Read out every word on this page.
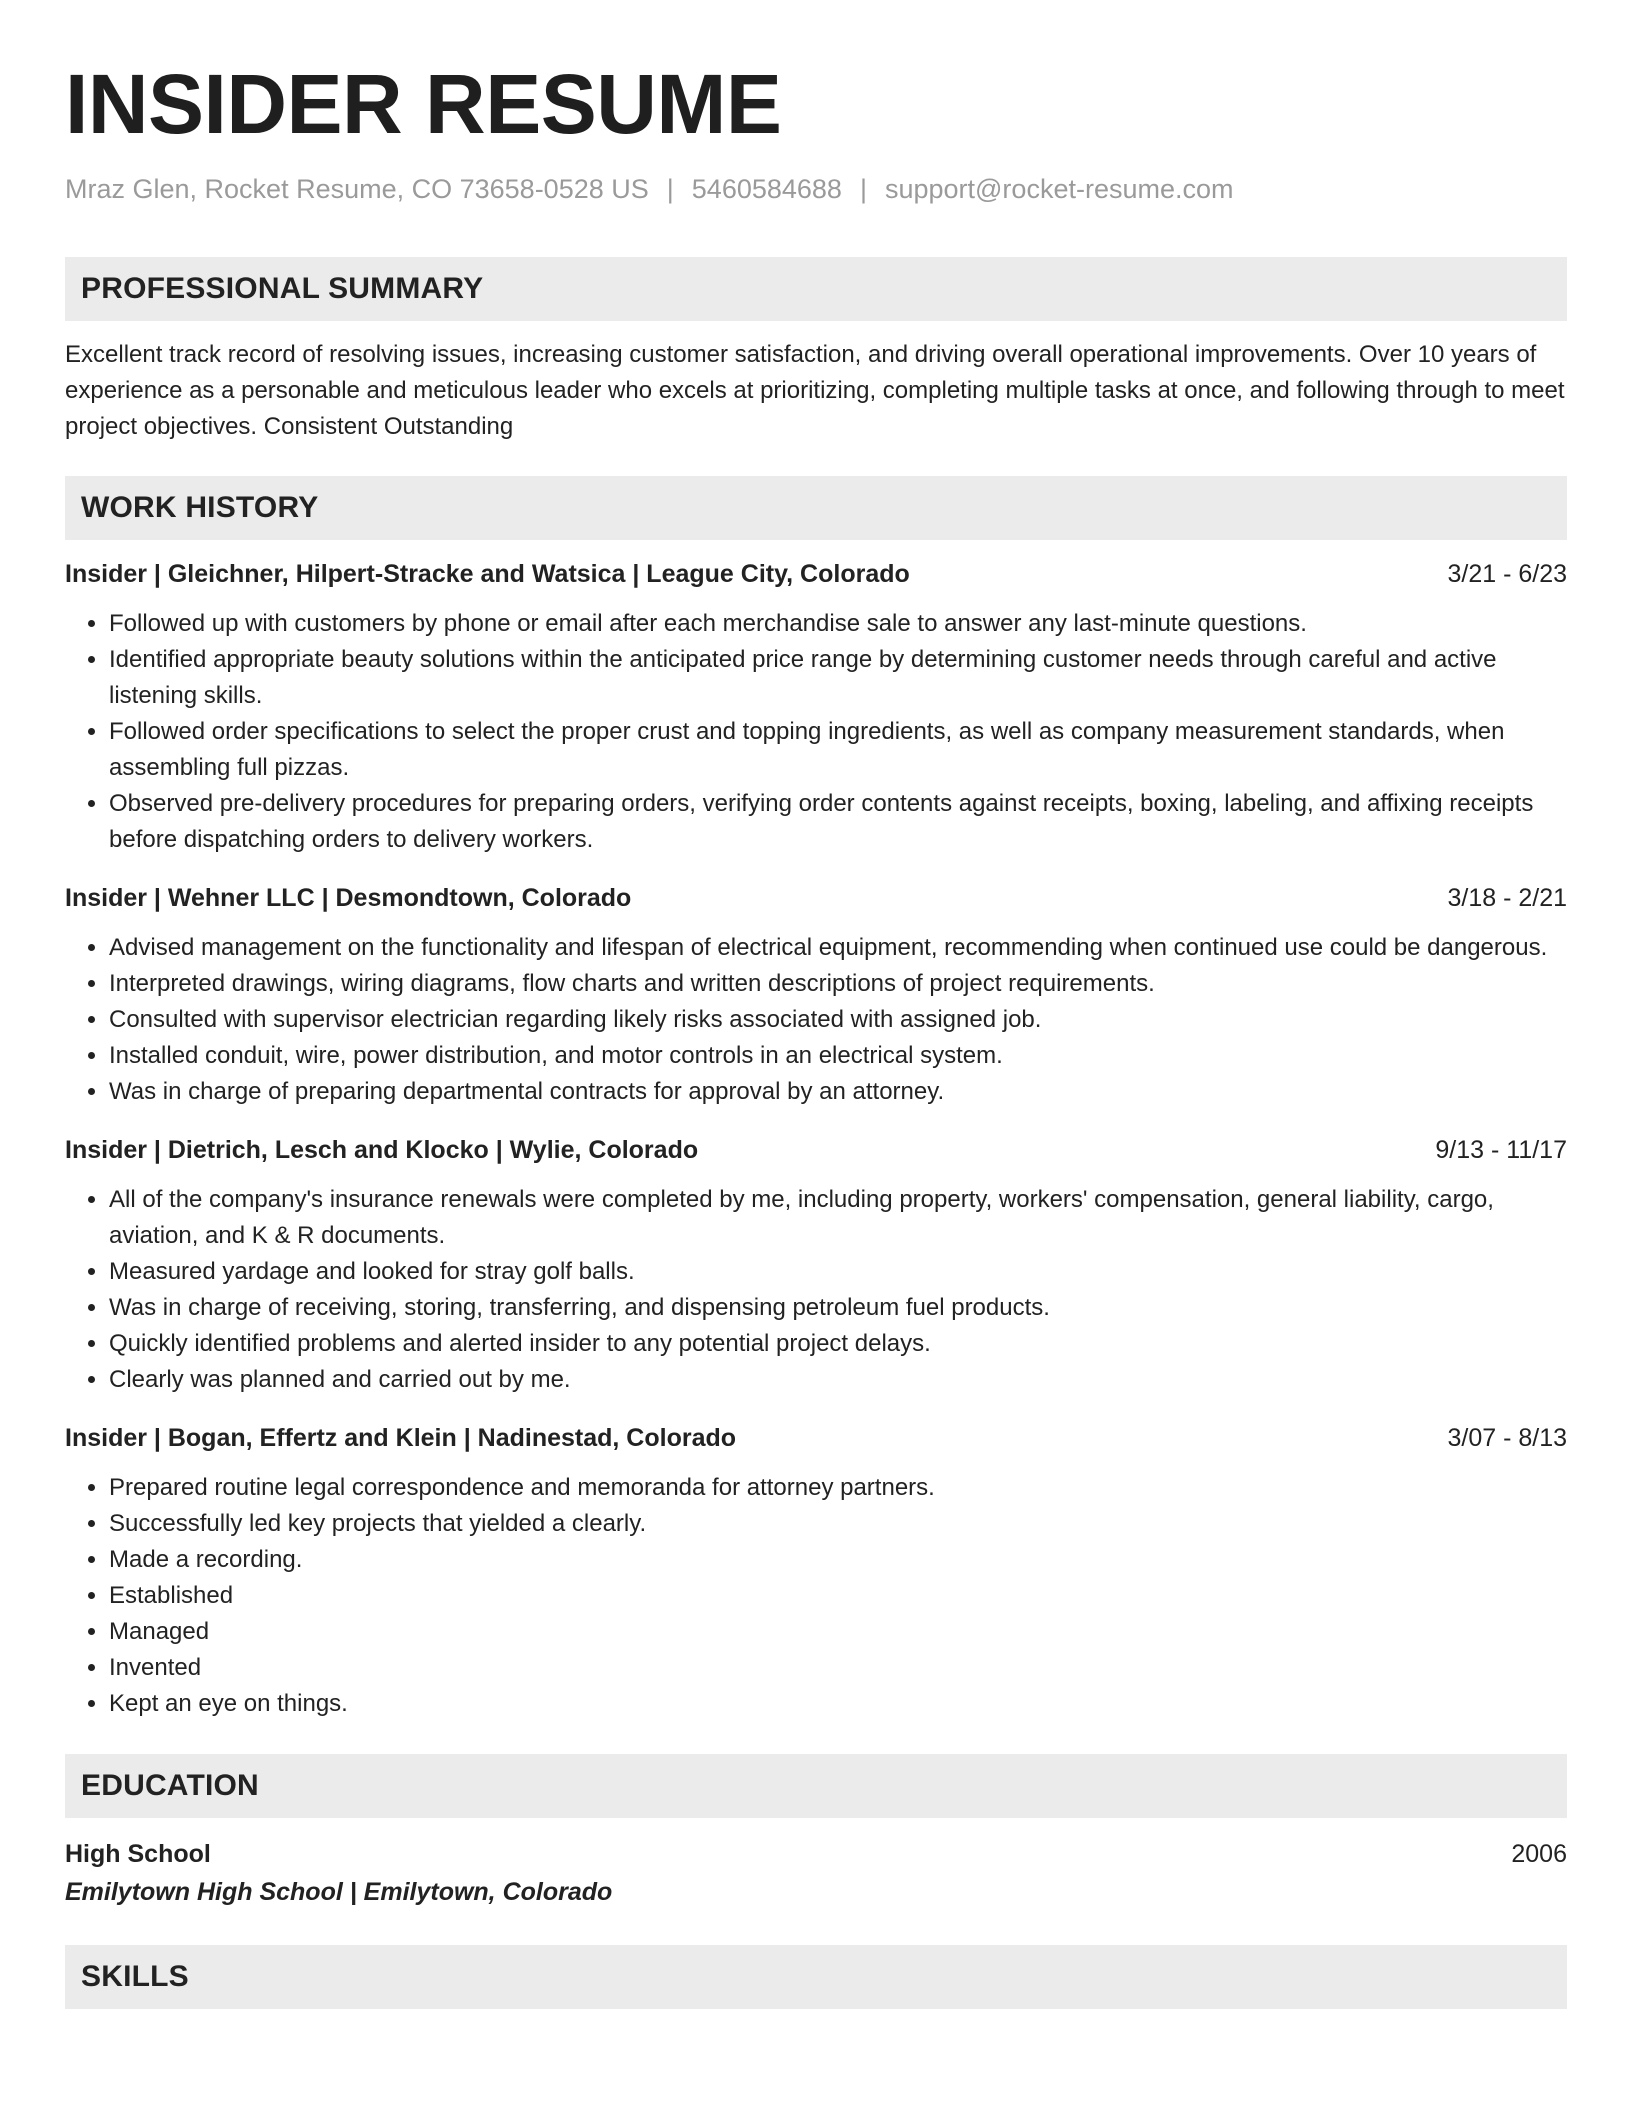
INSIDER RESUME
Mraz Glen, Rocket Resume, CO 73658-0528 US | 5460584688 | support@rocket-resume.com
PROFESSIONAL SUMMARY
Excellent track record of resolving issues, increasing customer satisfaction, and driving overall operational improvements. Over 10 years of experience as a personable and meticulous leader who excels at prioritizing, completing multiple tasks at once, and following through to meet project objectives. Consistent Outstanding
WORK HISTORY
Insider | Gleichner, Hilpert-Stracke and Watsica | League City, Colorado	3/21 - 6/23
• Followed up with customers by phone or email after each merchandise sale to answer any last-minute questions.
• Identified appropriate beauty solutions within the anticipated price range by determining customer needs through careful and active listening skills.
• Followed order specifications to select the proper crust and topping ingredients, as well as company measurement standards, when assembling full pizzas.
• Observed pre-delivery procedures for preparing orders, verifying order contents against receipts, boxing, labeling, and affixing receipts before dispatching orders to delivery workers.
Insider | Wehner LLC | Desmondtown, Colorado	3/18 - 2/21
• Advised management on the functionality and lifespan of electrical equipment, recommending when continued use could be dangerous.
• Interpreted drawings, wiring diagrams, flow charts and written descriptions of project requirements.
• Consulted with supervisor electrician regarding likely risks associated with assigned job.
• Installed conduit, wire, power distribution, and motor controls in an electrical system.
• Was in charge of preparing departmental contracts for approval by an attorney.
Insider | Dietrich, Lesch and Klocko | Wylie, Colorado	9/13 - 11/17
• All of the company's insurance renewals were completed by me, including property, workers' compensation, general liability, cargo, aviation, and K & R documents.
• Measured yardage and looked for stray golf balls.
• Was in charge of receiving, storing, transferring, and dispensing petroleum fuel products.
• Quickly identified problems and alerted insider to any potential project delays.
• Clearly was planned and carried out by me.
Insider | Bogan, Effertz and Klein | Nadinestad, Colorado	3/07 - 8/13
• Prepared routine legal correspondence and memoranda for attorney partners.
• Successfully led key projects that yielded a clearly.
• Made a recording.
• Established
• Managed
• Invented
• Kept an eye on things.
EDUCATION
High School	2006
Emilytown High School | Emilytown, Colorado
SKILLS
